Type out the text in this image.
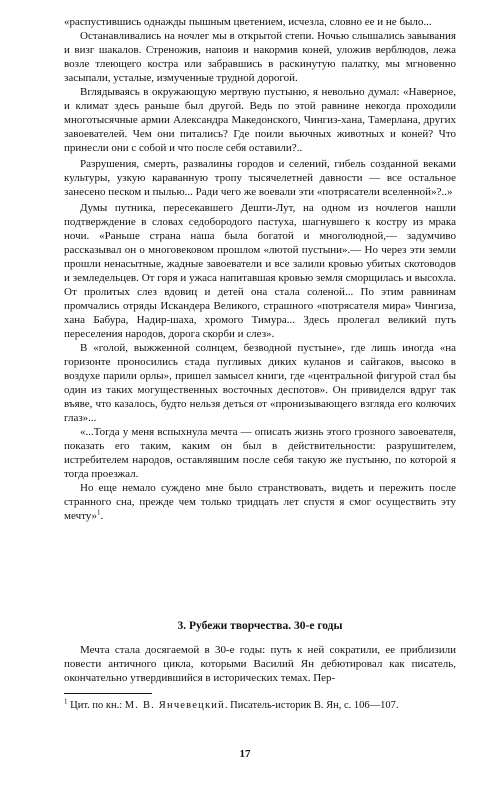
«распустившись однажды пышным цветением, исчезла, словно ее и не было...

Останавливались на ночлег мы в открытой степи. Ночью слышались завывания и визг шакалов. Стреножив, напоив и накормив коней, уложив верблюдов, лежа возле тлеющего костра или забравшись в раскинутую палатку, мы мгновенно засыпали, усталые, измученные трудной дорогой.

Вглядываясь в окружающую мертвую пустыню, я невольно думал: «Наверное, и климат здесь раньше был другой. Ведь по этой равнине некогда проходили многотысячные армии Александра Македонского, Чингиз-хана, Тамерлана, других завоевателей. Чем они питались? Где поили вьючных животных и коней? Что принесли они с собой и что после себя оставили?..

Разрушения, смерть, развалины городов и селений, гибель созданной веками культуры, узкую караванную тропу тысячелетней давности — все остальное занесено песком и пылью... Ради чего же воевали эти «потрясатели вселенной»?..»

Думы путника, пересекавшего Дешти-Лут, на одном из ночлегов нашли подтверждение в словах седобородого пастуха, шагнувшего к костру из мрака ночи. «Раньше страна наша была богатой и многолюдной,— задумчиво рассказывал он о многовековом прошлом «лютой пустыни».— Но через эти земли прошли ненасытные, жадные завоеватели и все залили кровью убитых скотоводов и земледельцев. От горя и ужаса напитавшая кровью земля сморщилась и высохла. От пролитых слез вдовиц и детей она стала соленой... По этим равнинам промчались отряды Искандера Великого, страшного «потрясателя мира» Чингиза, хана Бабура, Надир-шаха, хромого Тимура... Здесь пролегал великий путь переселения народов, дорога скорби и слез».

В «голой, выжженной солнцем, безводной пустыне», где лишь иногда «на горизонте проносились стада пугливых диких куланов и сайгаков, высоко в воздухе парили орлы», пришел замысел книги, где «центральной фигурой стал бы один из таких могущественных восточных деспотов». Он привиделся вдруг так въяве, что казалось, будто нельзя деться от «пронизывающего взгляда его колючих глаз»...

«...Тогда у меня вспыхнула мечта — описать жизнь этого грозного завоевателя, показать его таким, каким он был в действительности: разрушителем, истребителем народов, оставлявшим после себя такую же пустыню, по которой я тогда проезжал.

Но еще немало суждено мне было странствовать, видеть и пережить после странного сна, прежде чем только тридцать лет спустя я смог осуществить эту мечту»$^1$.

3. Рубежи творчества. 30-е годы

Мечта стала досягаемой в 30-е годы: путь к ней сократили, ее приблизили повести античного цикла, которыми Василий Ян дебютировал как писатель, окончательно утвердившийся в исторических темах. Пер-

$^1$ Цит. по кн.: М. В. Янчевецкий. Писатель-историк В. Ян, с. 106—107.

17
